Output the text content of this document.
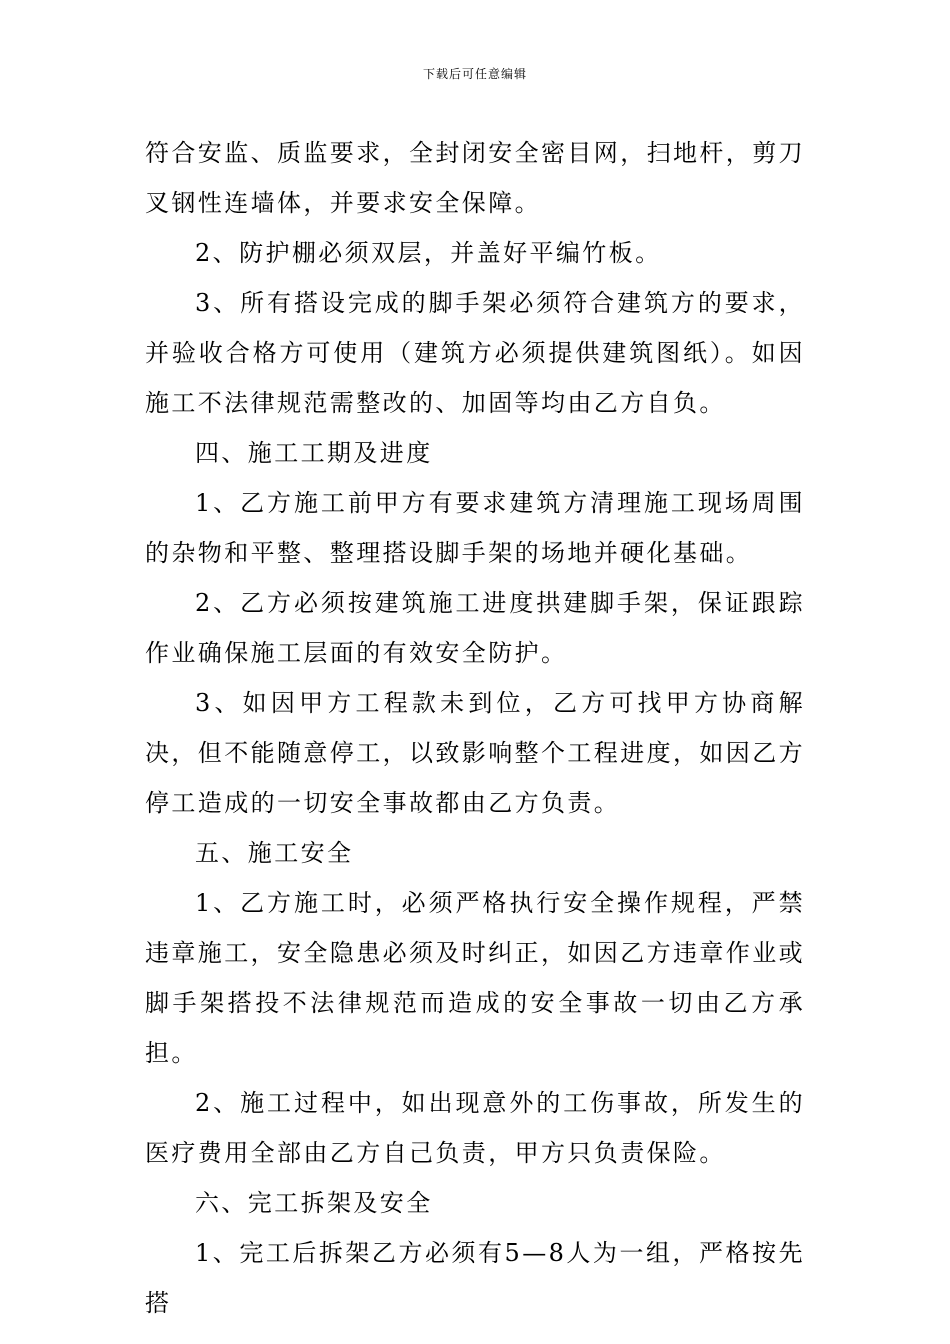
下载后可任意编辑

符合安监、质监要求，全封闭安全密目网，扫地杆，剪刀叉钢性连墙体，并要求安全保障。

2、防护棚必须双层，并盖好平编竹板。

3、所有搭设完成的脚手架必须符合建筑方的要求，并验收合格方可使用（建筑方必须提供建筑图纸）。如因施工不法律规范需整改的、加固等均由乙方自负。

四、施工工期及进度

1、乙方施工前甲方有要求建筑方清理施工现场周围的杂物和平整、整理搭设脚手架的场地并硬化基础。

2、乙方必须按建筑施工进度拱建脚手架，保证跟踪作业确保施工层面的有效安全防护。

3、如因甲方工程款未到位，乙方可找甲方协商解决，但不能随意停工，以致影响整个工程进度，如因乙方停工造成的一切安全事故都由乙方负责。

五、施工安全

1、乙方施工时，必须严格执行安全操作规程，严禁违章施工，安全隐患必须及时纠正，如因乙方违章作业或脚手架搭投不法律规范而造成的安全事故一切由乙方承担。

2、施工过程中，如出现意外的工伤事故，所发生的医疗费用全部由乙方自己负责，甲方只负责保险。

六、完工拆架及安全

1、完工后拆架乙方必须有5—8人为一组，严格按先搭
